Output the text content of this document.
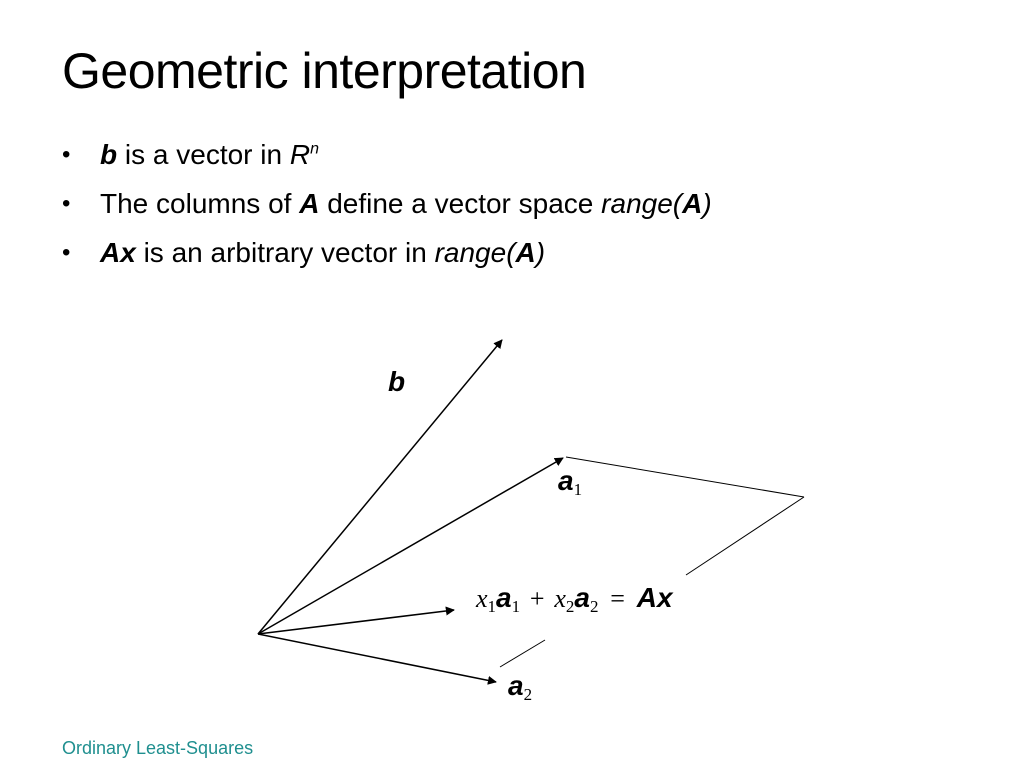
Geometric interpretation
• b is a vector in $R^n$
• The columns of A define a vector space range(A)
• Ax is an arbitrary vector in range(A)
b
a1
a2
x1a1 + x2a2 = Ax
Ordinary Least-Squares
